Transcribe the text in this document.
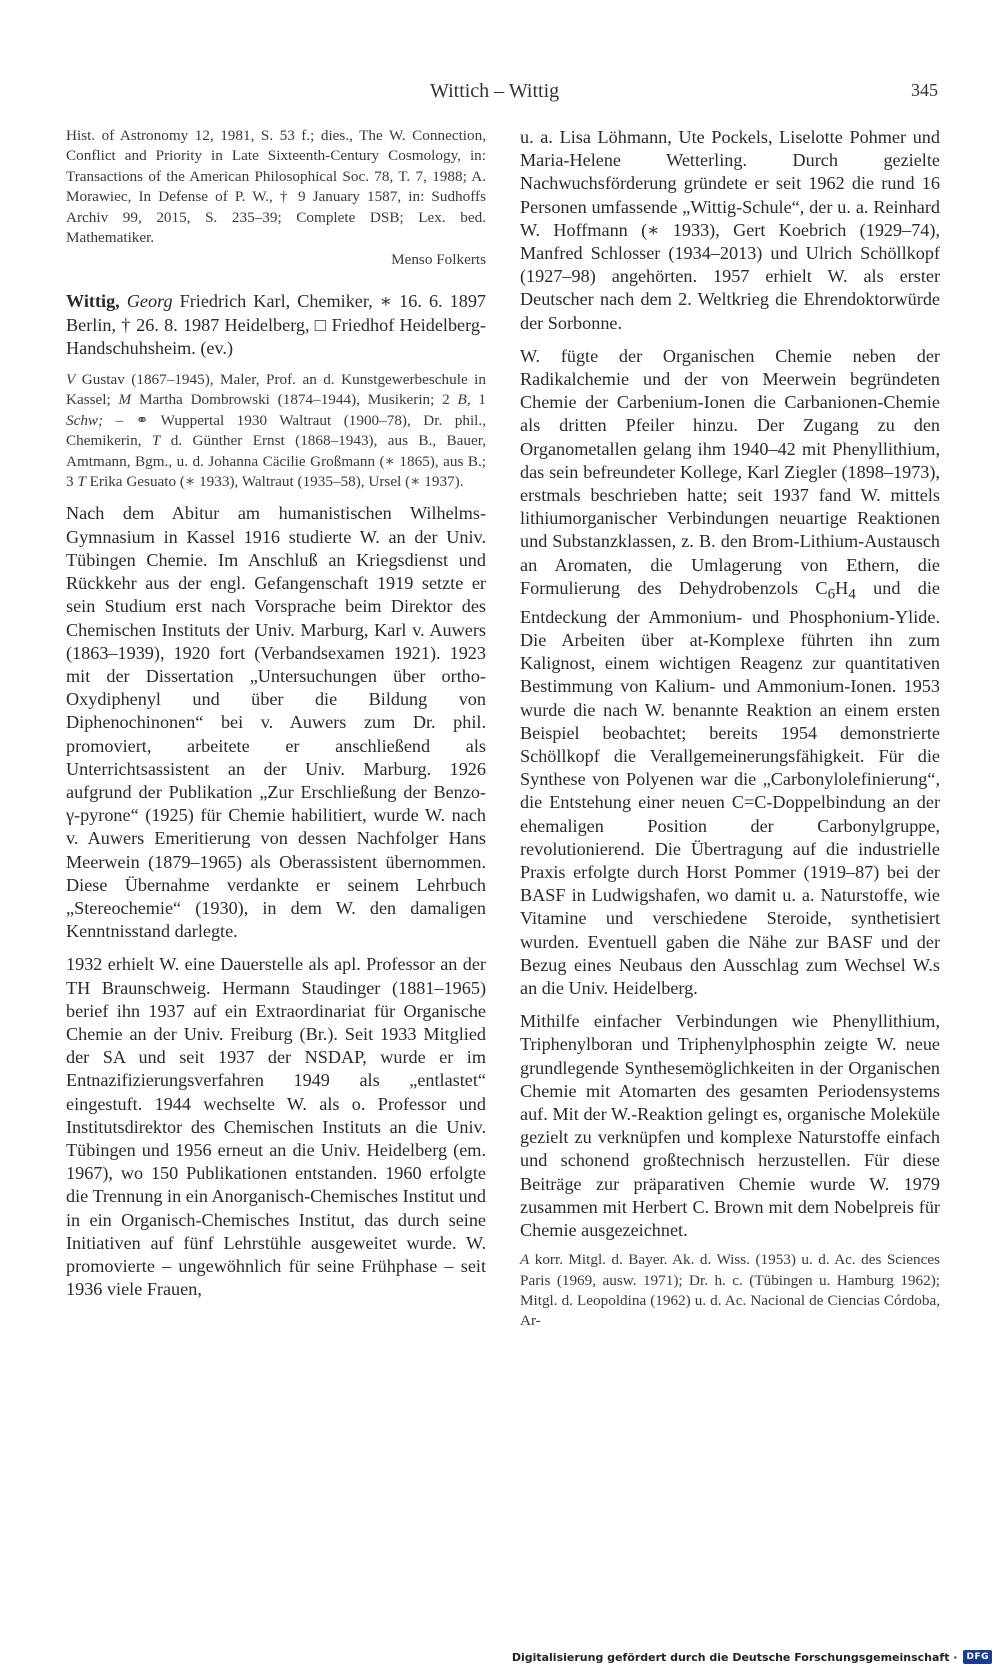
Wittich – Wittig	345

Hist. of Astronomy 12, 1981, S. 53 f.; dies., The W. Connection, Conflict and Priority in Late Sixteenth-Century Cosmology, in: Transactions of the American Philosophical Soc. 78, T. 7, 1988; A. Morawiec, In Defense of P. W., † 9 January 1587, in: Sudhoffs Archiv 99, 2015, S. 235–39; Complete DSB; Lex. bed. Mathematiker.

Menso Folkerts

Wittig, Georg Friedrich Karl, Chemiker, ∗ 16. 6. 1897 Berlin, † 26. 8. 1987 Heidelberg, □ Friedhof Heidelberg-Handschuhsheim. (ev.)

V Gustav (1867–1945), Maler, Prof. an d. Kunstgewerbeschule in Kassel; M Martha Dombrowski (1874–1944), Musikerin; 2 B, 1 Schw; – ⚭ Wuppertal 1930 Waltraut (1900–78), Dr. phil., Chemikerin, T d. Günther Ernst (1868–1943), aus B., Bauer, Amtmann, Bgm., u. d. Johanna Cäcilie Großmann (∗ 1865), aus B.; 3 T Erika Gesuato (∗ 1933), Waltraut (1935–58), Ursel (∗ 1937).

Nach dem Abitur am humanistischen Wilhelms-Gymnasium in Kassel 1916 studierte W. an der Univ. Tübingen Chemie. Im Anschluß an Kriegsdienst und Rückkehr aus der engl. Gefangenschaft 1919 setzte er sein Studium erst nach Vorsprache beim Direktor des Chemischen Instituts der Univ. Marburg, Karl v. Auwers (1863–1939), 1920 fort (Verbandsexamen 1921). 1923 mit der Dissertation „Untersuchungen über ortho-Oxydiphenyl und über die Bildung von Diphenochinonen“ bei v. Auwers zum Dr. phil. promoviert, arbeitete er anschließend als Unterrichtsassistent an der Univ. Marburg. 1926 aufgrund der Publikation „Zur Erschließung der Benzo-γ-pyrone“ (1925) für Chemie habilitiert, wurde W. nach v. Auwers Emeritierung von dessen Nachfolger Hans Meerwein (1879–1965) als Oberassistent übernommen. Diese Übernahme verdankte er seinem Lehrbuch „Stereochemie“ (1930), in dem W. den damaligen Kenntnisstand darlegte.

1932 erhielt W. eine Dauerstelle als apl. Professor an der TH Braunschweig. Hermann Staudinger (1881–1965) berief ihn 1937 auf ein Extraordinariat für Organische Chemie an der Univ. Freiburg (Br.). Seit 1933 Mitglied der SA und seit 1937 der NSDAP, wurde er im Entnazifizierungsverfahren 1949 als „entlastet“ eingestuft. 1944 wechselte W. als o. Professor und Institutsdirektor des Chemischen Instituts an die Univ. Tübingen und 1956 erneut an die Univ. Heidelberg (em. 1967), wo 150 Publikationen entstanden. 1960 erfolgte die Trennung in ein Anorganisch-Chemisches Institut und in ein Organisch-Chemisches Institut, das durch seine Initiativen auf fünf Lehrstühle ausgeweitet wurde. W. promovierte – ungewöhnlich für seine Frühphase – seit 1936 viele Frauen,

u. a. Lisa Löhmann, Ute Pockels, Liselotte Pohmer und Maria-Helene Wetterling. Durch gezielte Nachwuchsförderung gründete er seit 1962 die rund 16 Personen umfassende „Wittig-Schule“, der u. a. Reinhard W. Hoffmann (∗ 1933), Gert Koebrich (1929–74), Manfred Schlosser (1934–2013) und Ulrich Schöllkopf (1927–98) angehörten. 1957 erhielt W. als erster Deutscher nach dem 2. Weltkrieg die Ehrendoktorwürde der Sorbonne.

W. fügte der Organischen Chemie neben der Radikalchemie und der von Meerwein begründeten Chemie der Carbenium-Ionen die Carbanionen-Chemie als dritten Pfeiler hinzu. Der Zugang zu den Organometallen gelang ihm 1940–42 mit Phenyllithium, das sein befreundeter Kollege, Karl Ziegler (1898–1973), erstmals beschrieben hatte; seit 1937 fand W. mittels lithiumorganischer Verbindungen neuartige Reaktionen und Substanzklassen, z. B. den Brom-Lithium-Austausch an Aromaten, die Umlagerung von Ethern, die Formulierung des Dehydrobenzols $C_6H_4$ und die Entdeckung der Ammonium- und Phosphonium-Ylide. Die Arbeiten über at-Komplexe führten ihn zum Kalignost, einem wichtigen Reagenz zur quantitativen Bestimmung von Kalium- und Ammonium-Ionen. 1953 wurde die nach W. benannte Reaktion an einem ersten Beispiel beobachtet; bereits 1954 demonstrierte Schöllkopf die Verallgemeinerungsfähigkeit. Für die Synthese von Polyenen war die „Carbonylolefinierung“, die Entstehung einer neuen C=C-Doppelbindung an der ehemaligen Position der Carbonylgruppe, revolutionierend. Die Übertragung auf die industrielle Praxis erfolgte durch Horst Pommer (1919–87) bei der BASF in Ludwigshafen, wo damit u. a. Naturstoffe, wie Vitamine und verschiedene Steroide, synthetisiert wurden. Eventuell gaben die Nähe zur BASF und der Bezug eines Neubaus den Ausschlag zum Wechsel W.s an die Univ. Heidelberg.

Mithilfe einfacher Verbindungen wie Phenyllithium, Triphenylboran und Triphenylphosphin zeigte W. neue grundlegende Synthesemöglichkeiten in der Organischen Chemie mit Atomarten des gesamten Periodensystems auf. Mit der W.-Reaktion gelingt es, organische Moleküle gezielt zu verknüpfen und komplexe Naturstoffe einfach und schonend großtechnisch herzustellen. Für diese Beiträge zur präparativen Chemie wurde W. 1979 zusammen mit Herbert C. Brown mit dem Nobelpreis für Chemie ausgezeichnet.

A korr. Mitgl. d. Bayer. Ak. d. Wiss. (1953) u. d. Ac. des Sciences Paris (1969, ausw. 1971); Dr. h. c. (Tübingen u. Hamburg 1962); Mitgl. d. Leopoldina (1962) u. d. Ac. Nacional de Ciencias Córdoba, Ar-

Digitalisierung gefördert durch die Deutsche Forschungsgemeinschaft ·	DFG
